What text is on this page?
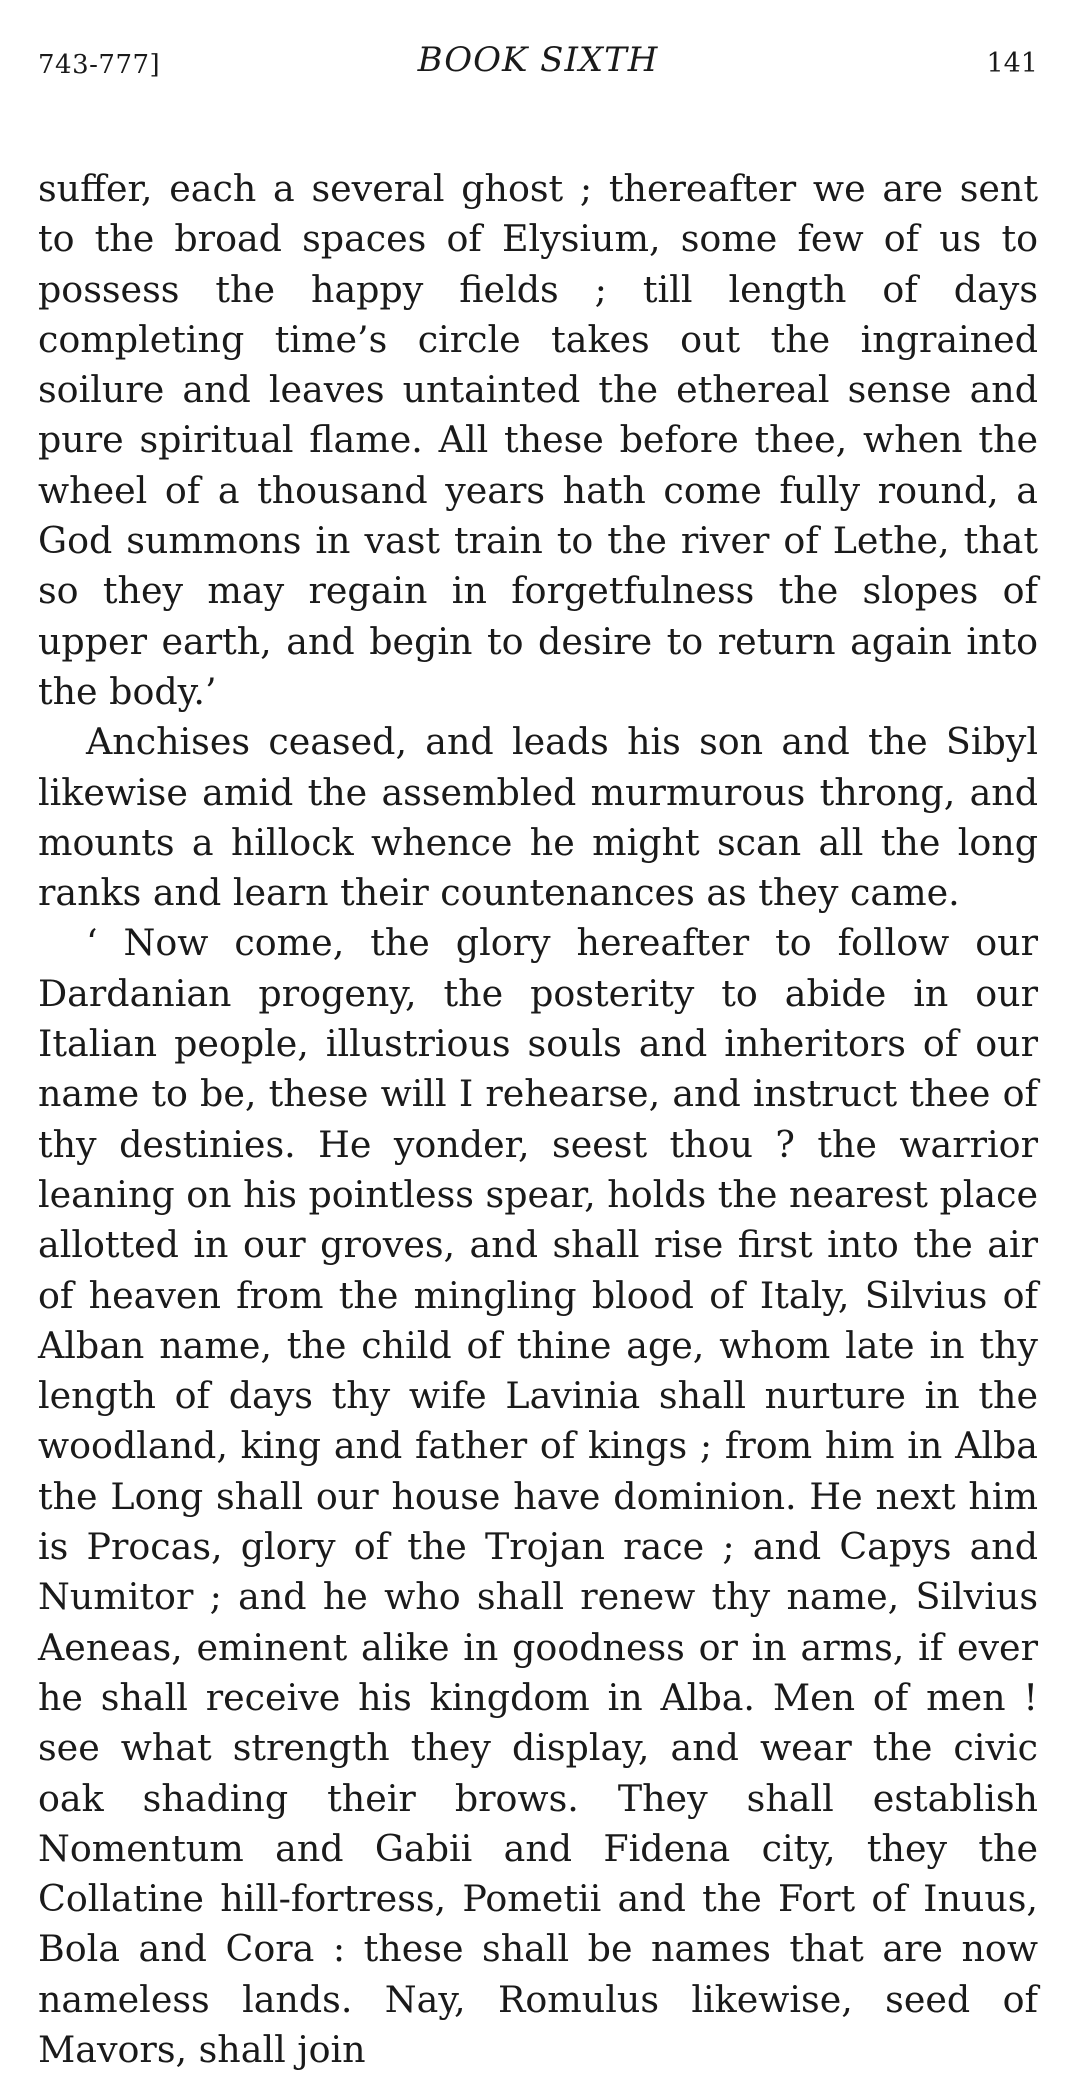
743-777]	BOOK SIXTH	141

suffer, each a several ghost ; thereafter we are sent to the broad spaces of Elysium, some few of us to possess the happy fields ; till length of days completing time’s circle takes out the ingrained soilure and leaves untainted the ethereal sense and pure spiritual flame. All these before thee, when the wheel of a thousand years hath come fully round, a God summons in vast train to the river of Lethe, that so they may regain in forgetfulness the slopes of upper earth, and begin to desire to return again into the body.’

Anchises ceased, and leads his son and the Sibyl likewise amid the assembled murmurous throng, and mounts a hillock whence he might scan all the long ranks and learn their countenances as they came.

‘ Now come, the glory hereafter to follow our Dardanian progeny, the posterity to abide in our Italian people, illustrious souls and inheritors of our name to be, these will I rehearse, and instruct thee of thy destinies. He yonder, seest thou ? the warrior leaning on his pointless spear, holds the nearest place allotted in our groves, and shall rise first into the air of heaven from the mingling blood of Italy, Silvius of Alban name, the child of thine age, whom late in thy length of days thy wife Lavinia shall nurture in the woodland, king and father of kings ; from him in Alba the Long shall our house have dominion. He next him is Procas, glory of the Trojan race ; and Capys and Numitor ; and he who shall renew thy name, Silvius Aeneas, eminent alike in goodness or in arms, if ever he shall receive his kingdom in Alba. Men of men ! see what strength they display, and wear the civic oak shading their brows. They shall establish Nomentum and Gabii and Fidena city, they the Collatine hill-fortress, Pometii and the Fort of Inuus, Bola and Cora : these shall be names that are now nameless lands. Nay, Romulus likewise, seed of Mavors, shall join
